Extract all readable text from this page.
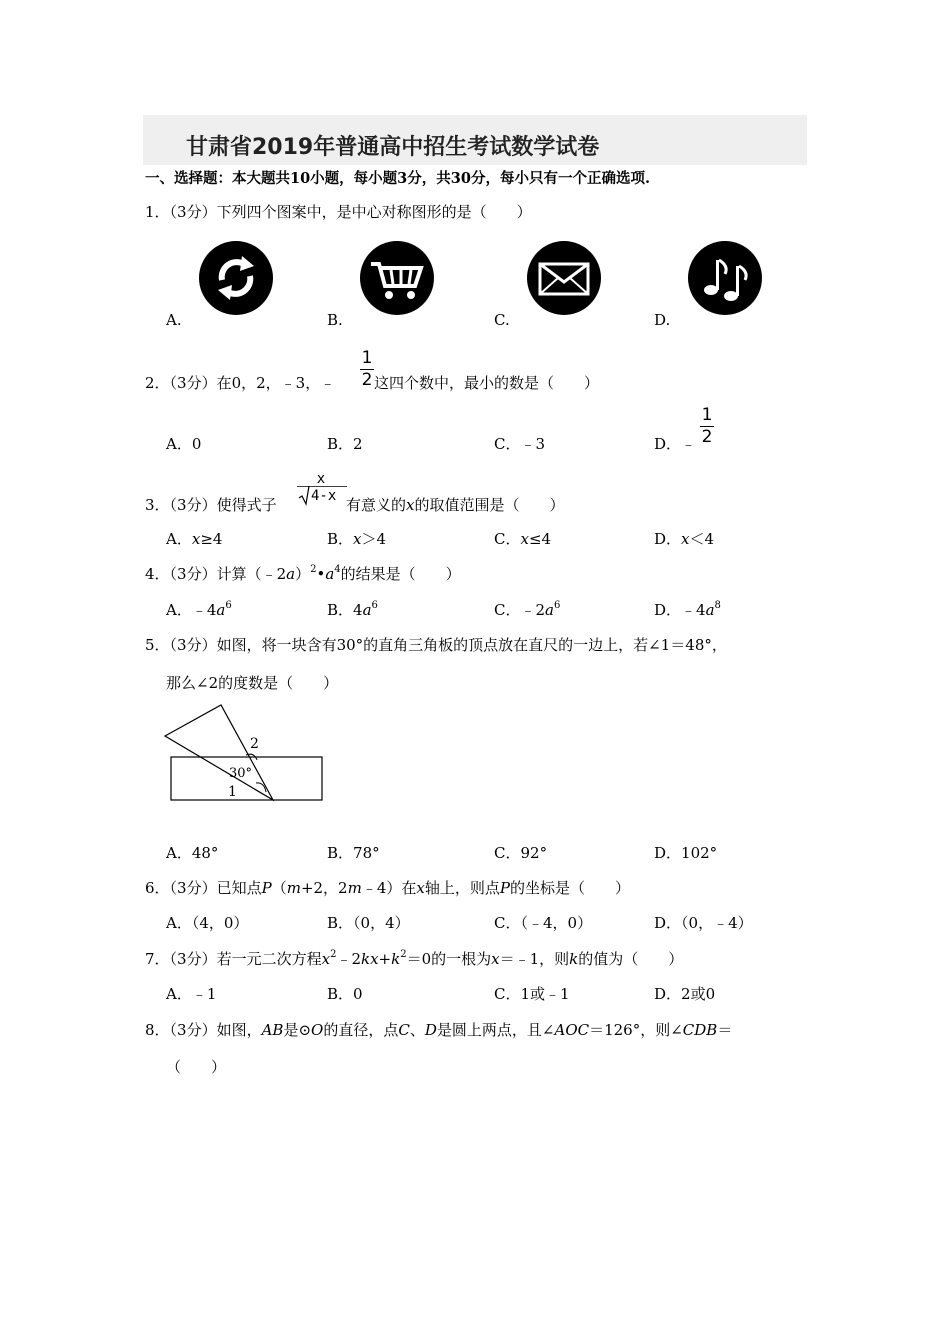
甘肃省2019年普通高中招生考试数学试卷
一、选择题：本大题共10小题，每小题3分，共30分，每小只有一个正确选项.
1．（3分）下列四个图案中，是中心对称图形的是（　　）
A.	B.	C.	D.
2．（3分）在0，2，﹣3，﹣
1
2 这四个数中，最小的数是（　　）
A．0	B．2	C．﹣3	D．﹣
1
2
3．（3分）使得式子
x
4-x 有意义的x的取值范围是（　　）
A．x≥4	B．x＞4	C．x≤4	D．x＜4
4．（3分）计算$(﹣2a)^2•a^4$的结果是（　　）
A．$﹣4a^6$	B．$4a^6$	C．$﹣2a^6$	D．$﹣4a^8$
5．（3分）如图，将一块含有30°的直角三角板的顶点放在直尺的一边上，若∠1＝48°，
那么∠2的度数是（　　）
2
30°
1
A．48°	B．78°	C．92°	D．102°
6．（3分）已知点P（m+2，2m﹣4）在x轴上，则点P的坐标是（　　）
A．（4，0）	B．（0，4）	C．（﹣4，0）	D．（0，﹣4）
7．（3分）若一元二次方程$x^2﹣2kx+k^2=0$的一根为x＝﹣1，则k的值为（　　）
A．﹣1	B．0	C．1或﹣1	D．2或0
8．（3分）如图，AB是⊙O的直径，点C、D是圆上两点，且∠AOC＝126°，则∠CDB＝
（　　）
